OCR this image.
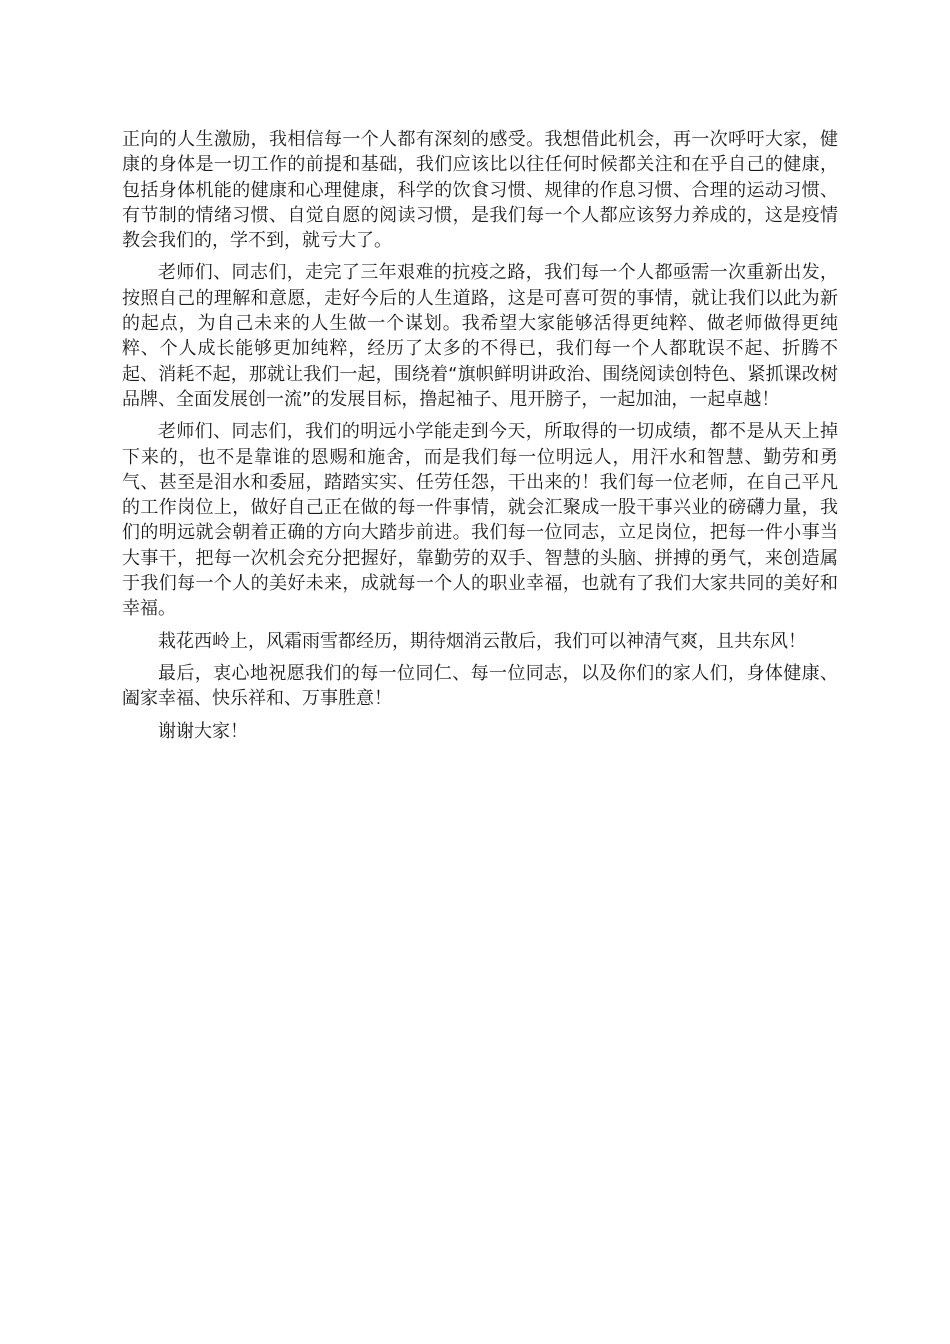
正向的人生激励，我相信每一个人都有深刻的感受。我想借此机会，再一次呼吁大家，健康的身体是一切工作的前提和基础，我们应该比以往任何时候都关注和在乎自己的健康，包括身体机能的健康和心理健康，科学的饮食习惯、规律的作息习惯、合理的运动习惯、有节制的情绪习惯、自觉自愿的阅读习惯，是我们每一个人都应该努力养成的，这是疫情教会我们的，学不到，就亏大了。

老师们、同志们，走完了三年艰难的抗疫之路，我们每一个人都亟需一次重新出发，按照自己的理解和意愿，走好今后的人生道路，这是可喜可贺的事情，就让我们以此为新的起点，为自己未来的人生做一个谋划。我希望大家能够活得更纯粹、做老师做得更纯粹、个人成长能够更加纯粹，经历了太多的不得已，我们每一个人都耽误不起、折腾不起、消耗不起，那就让我们一起，围绕着“旗帜鲜明讲政治、围绕阅读创特色、紧抓课改树品牌、全面发展创一流”的发展目标，撸起袖子、甩开膀子，一起加油，一起卓越！

老师们、同志们，我们的明远小学能走到今天，所取得的一切成绩，都不是从天上掉下来的，也不是靠谁的恩赐和施舍，而是我们每一位明远人，用汗水和智慧、勤劳和勇气、甚至是泪水和委屈，踏踏实实、任劳任怨，干出来的！我们每一位老师，在自己平凡的工作岗位上，做好自己正在做的每一件事情，就会汇聚成一股干事兴业的磅礴力量，我们的明远就会朝着正确的方向大踏步前进。我们每一位同志，立足岗位，把每一件小事当大事干，把每一次机会充分把握好，靠勤劳的双手、智慧的头脑、拼搏的勇气，来创造属于我们每一个人的美好未来，成就每一个人的职业幸福，也就有了我们大家共同的美好和幸福。

栽花西岭上，风霜雨雪都经历，期待烟消云散后，我们可以神清气爽，且共东风！

最后，衷心地祝愿我们的每一位同仁、每一位同志，以及你们的家人们，身体健康、阖家幸福、快乐祥和、万事胜意！

谢谢大家！
